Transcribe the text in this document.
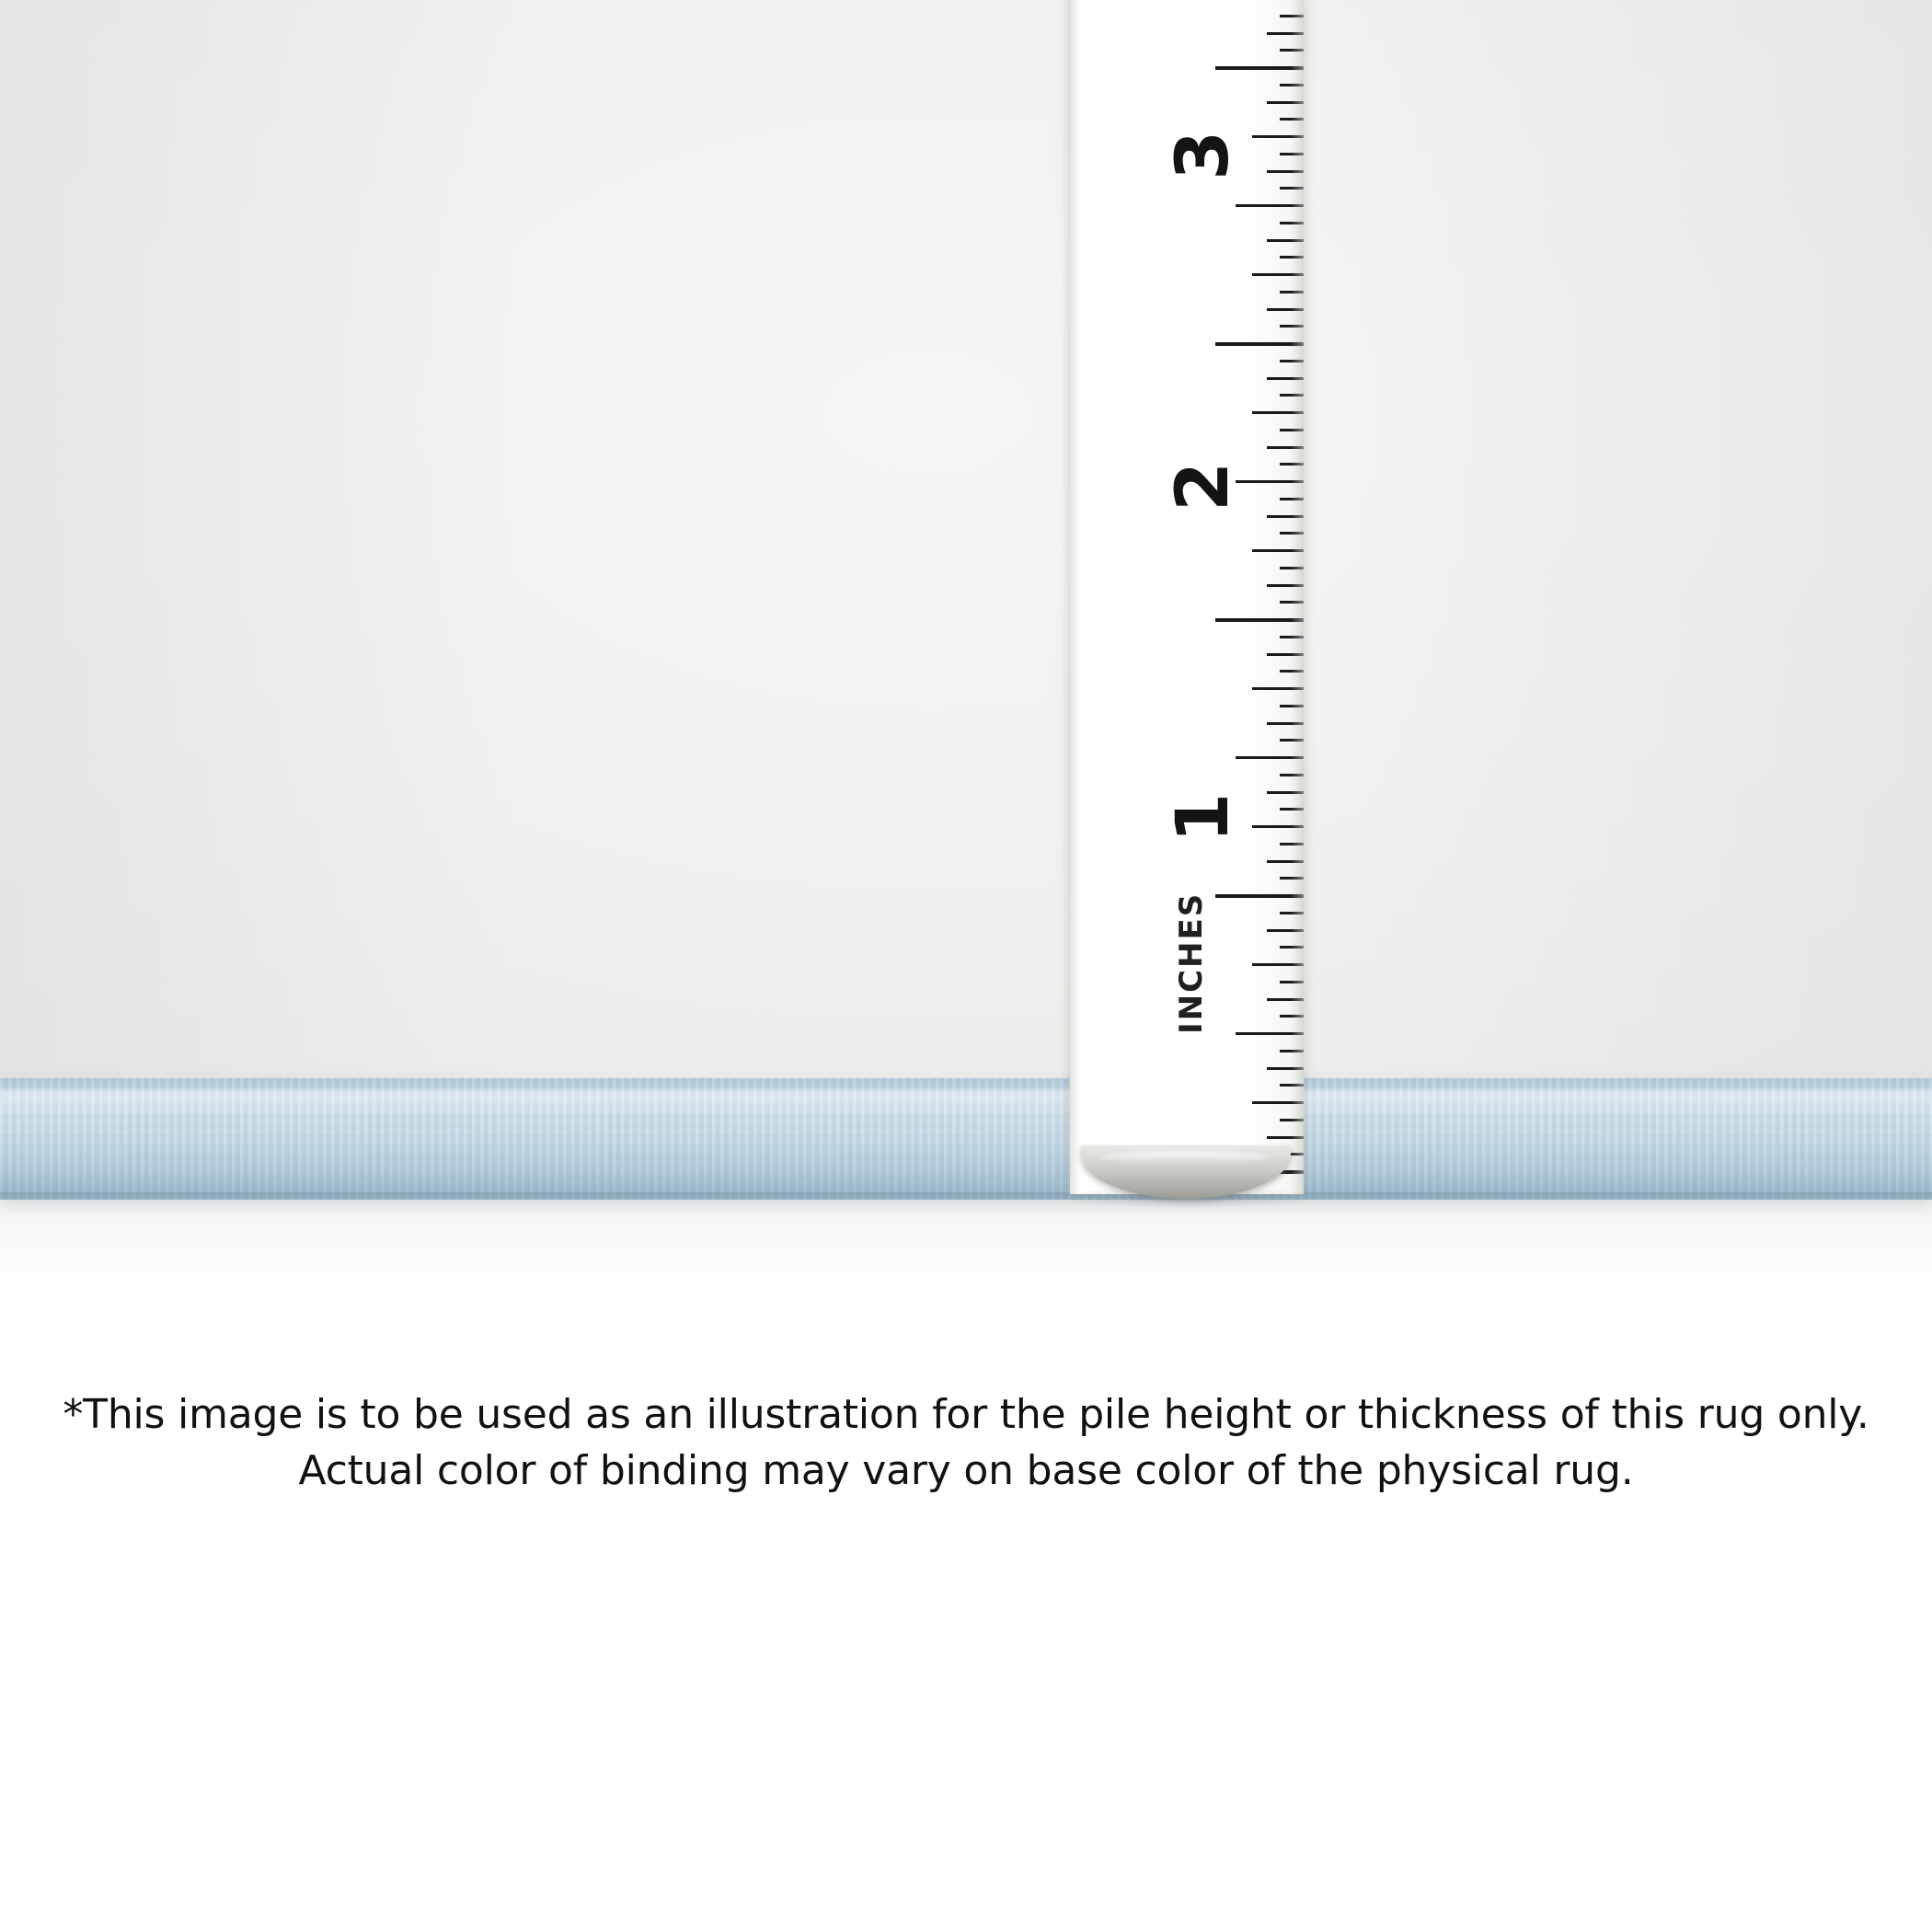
3
2
1
INCHES
*This image is to be used as an illustration for the pile height or thickness of this rug only.
Actual color of binding may vary on base color of the physical rug.
